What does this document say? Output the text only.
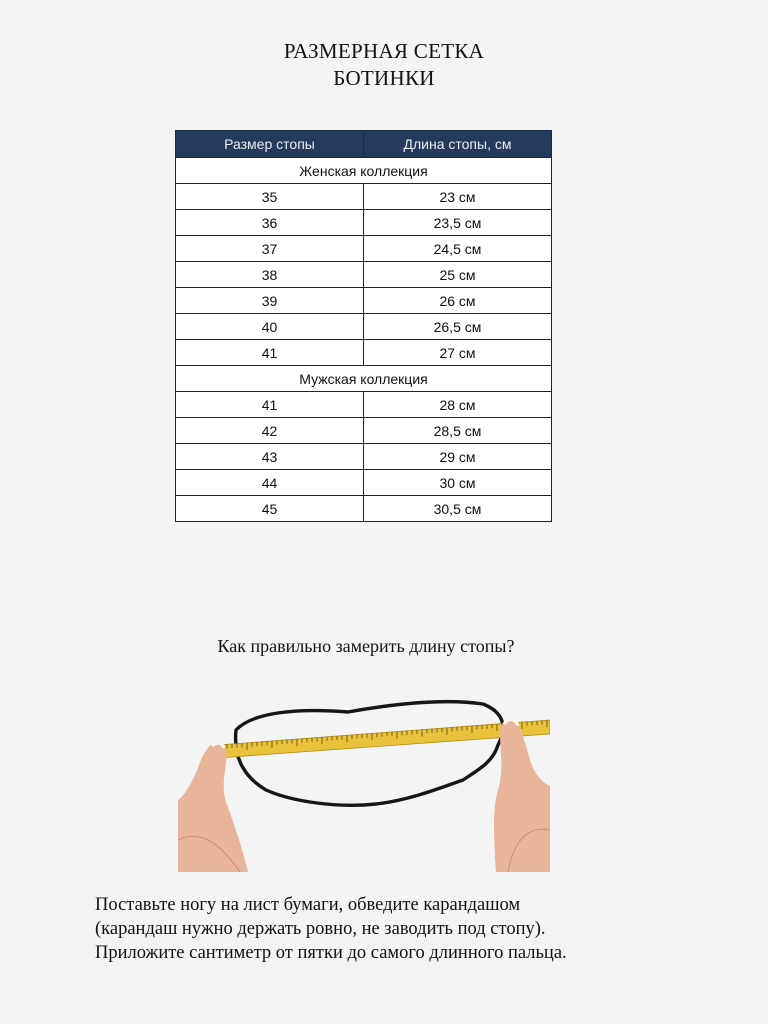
РАЗМЕРНАЯ СЕТКА
БОТИНКИ
Размер стопы	Длина стопы, см
Женская коллекция	
35	23 см
36	23,5 см
37	24,5 см
38	25 см
39	26 см
40	26,5 см
41	27 см
Мужская коллекция	
41	28 см
42	28,5 см
43	29 см
44	30 см
45	30,5 см
Как правильно замерить длину стопы?
Поставьте ногу на лист бумаги, обведите карандашом
(карандаш нужно держать ровно, не заводить под стопу).
Приложите сантиметр от пятки до самого длинного пальца.
